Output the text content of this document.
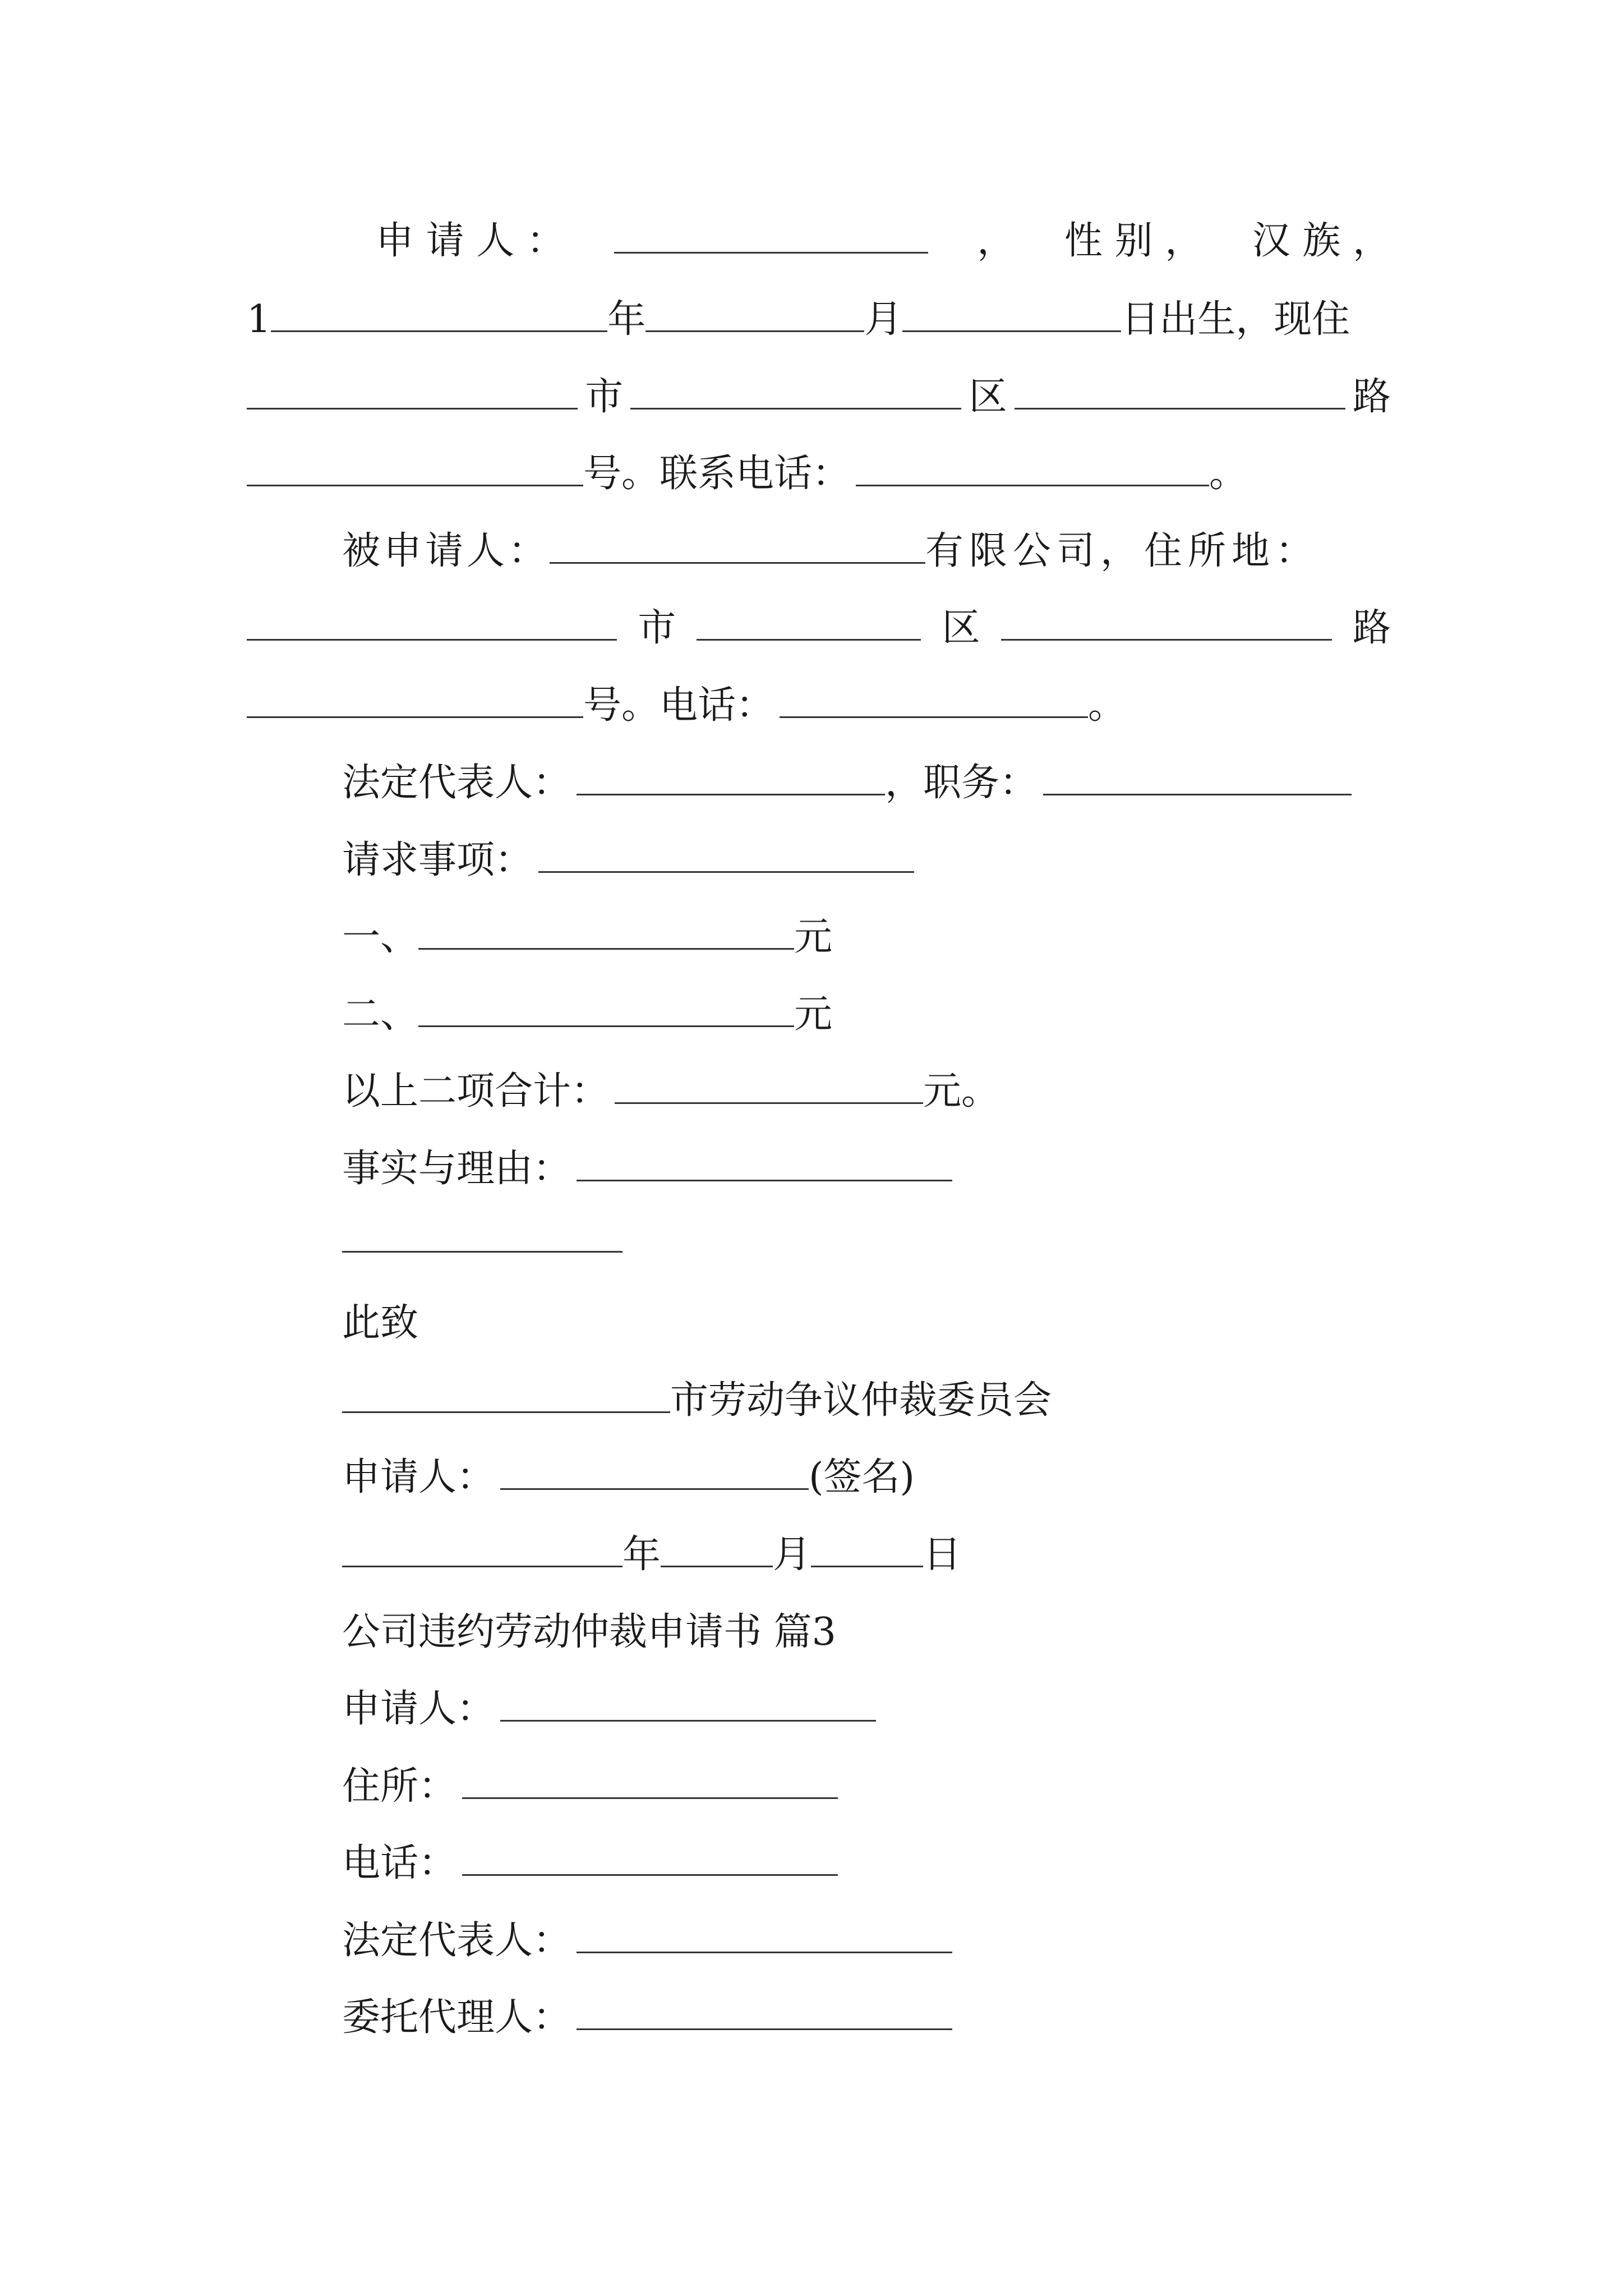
申 请 人 ：	， 性 别 ， 汉 族 ，
1	年	月	日出生，现住
市	区	路
号。联系电话：	。
被申请人：	有限公司，住所地：
市	区	路
号。电话：	。
法定代表人：	，职务：
请求事项：
一、	元
二、	元
以上二项合计：	元。
事实与理由：
此致
市劳动争议仲裁委员会
申请人：	(签名)
年	月	日
公司违约劳动仲裁申请书 篇3
申请人：
住所：
电话：
法定代表人：
委托代理人：
